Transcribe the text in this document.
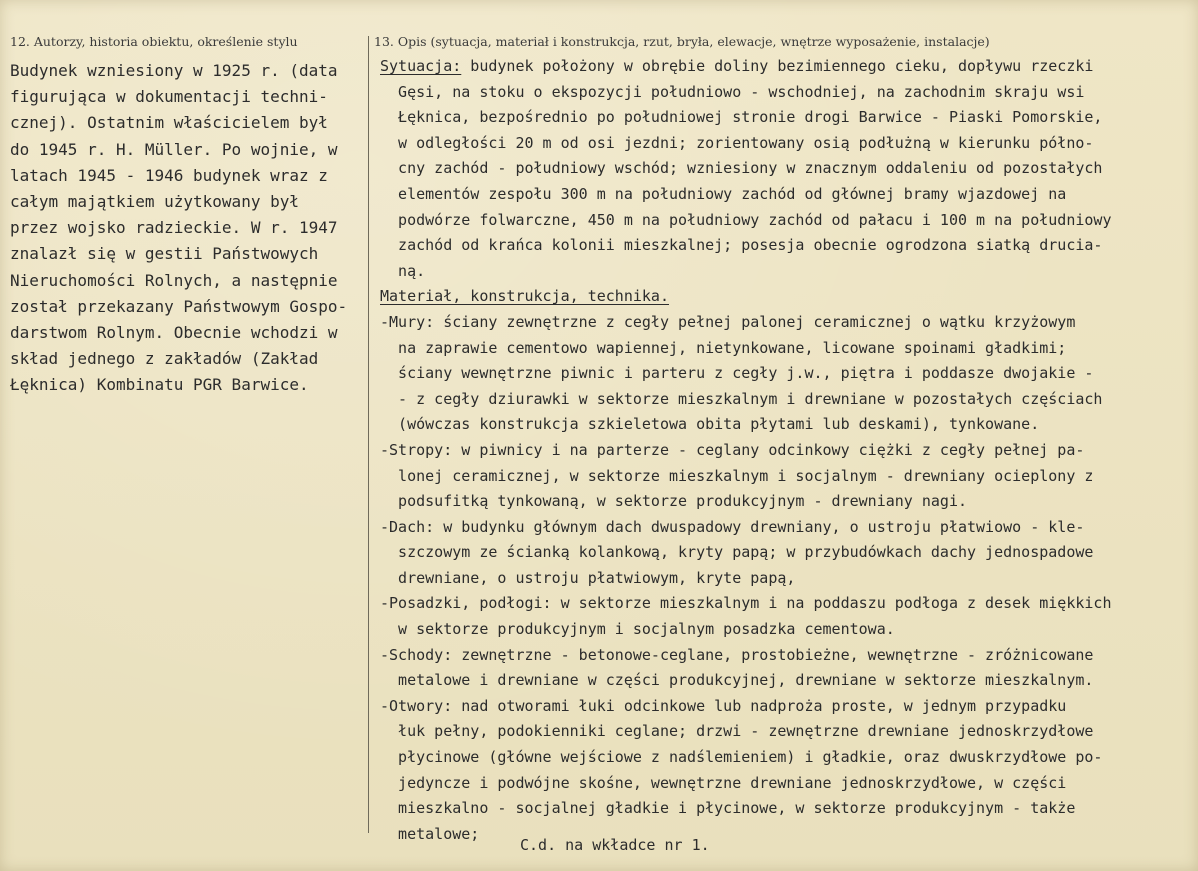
12. Autorzy, historia obiektu, określenie stylu
Budynek wzniesiony w 1925 r. (data
figurująca w dokumentacji techni-
cznej). Ostatnim właścicielem był
do 1945 r. H. Müller. Po wojnie, w
latach 1945 - 1946 budynek wraz z
całym majątkiem użytkowany był
przez wojsko radzieckie. W r. 1947
znalazł się w gestii Państwowych
Nieruchomości Rolnych, a następnie
został przekazany Państwowym Gospo-
darstwom Rolnym. Obecnie wchodzi w
skład jednego z zakładów (Zakład
Łęknica) Kombinatu PGR Barwice.
13. Opis (sytuacja, materiał i konstrukcja, rzut, bryła, elewacje, wnętrze wyposażenie, instalacje)
Sytuacja: budynek położony w obrębie doliny bezimiennego cieku, dopływu rzeczki
Gęsi, na stoku o ekspozycji południowo - wschodniej, na zachodnim skraju wsi
Łęknica, bezpośrednio po południowej stronie drogi Barwice - Piaski Pomorskie,
w odległości 20 m od osi jezdni; zorientowany osią podłużną w kierunku półno-
cny zachód - południowy wschód; wzniesiony w znacznym oddaleniu od pozostałych
elementów zespołu 300 m na południowy zachód od głównej bramy wjazdowej na
podwórze folwarczne, 450 m na południowy zachód od pałacu i 100 m na południowy
zachód od krańca kolonii mieszkalnej; posesja obecnie ogrodzona siatką drucia-
ną.
Materiał, konstrukcja, technika.
-Mury: ściany zewnętrzne z cegły pełnej palonej ceramicznej o wątku krzyżowym
na zaprawie cementowo wapiennej, nietynkowane, licowane spoinami gładkimi;
ściany wewnętrzne piwnic i parteru z cegły j.w., piętra i poddasze dwojakie -
- z cegły dziurawki w sektorze mieszkalnym i drewniane w pozostałych częściach
(wówczas konstrukcja szkieletowa obita płytami lub deskami), tynkowane.
-Stropy: w piwnicy i na parterze - ceglany odcinkowy ciężki z cegły pełnej pa-
lonej ceramicznej, w sektorze mieszkalnym i socjalnym - drewniany ocieplony z
podsufitką tynkowaną, w sektorze produkcyjnym - drewniany nagi.
-Dach: w budynku głównym dach dwuspadowy drewniany, o ustroju płatwiowo - kle-
szczowym ze ścianką kolankową, kryty papą; w przybudówkach dachy jednospadowe
drewniane, o ustroju płatwiowym, kryte papą,
-Posadzki, podłogi: w sektorze mieszkalnym i na poddaszu podłoga z desek miękkich
w sektorze produkcyjnym i socjalnym posadzka cementowa.
-Schody: zewnętrzne - betonowe-ceglane, prostobieżne, wewnętrzne - zróżnicowane
metalowe i drewniane w części produkcyjnej, drewniane w sektorze mieszkalnym.
-Otwory: nad otworami łuki odcinkowe lub nadproża proste, w jednym przypadku
łuk pełny, podokienniki ceglane; drzwi - zewnętrzne drewniane jednoskrzydłowe
płycinowe (główne wejściowe z nadślemieniem) i gładkie, oraz dwuskrzydłowe po-
jedyncze i podwójne skośne, wewnętrzne drewniane jednoskrzydłowe, w części
mieszkalno - socjalnej gładkie i płycinowe, w sektorze produkcyjnym - także
metalowe;
C.d. na wkładce nr 1.
